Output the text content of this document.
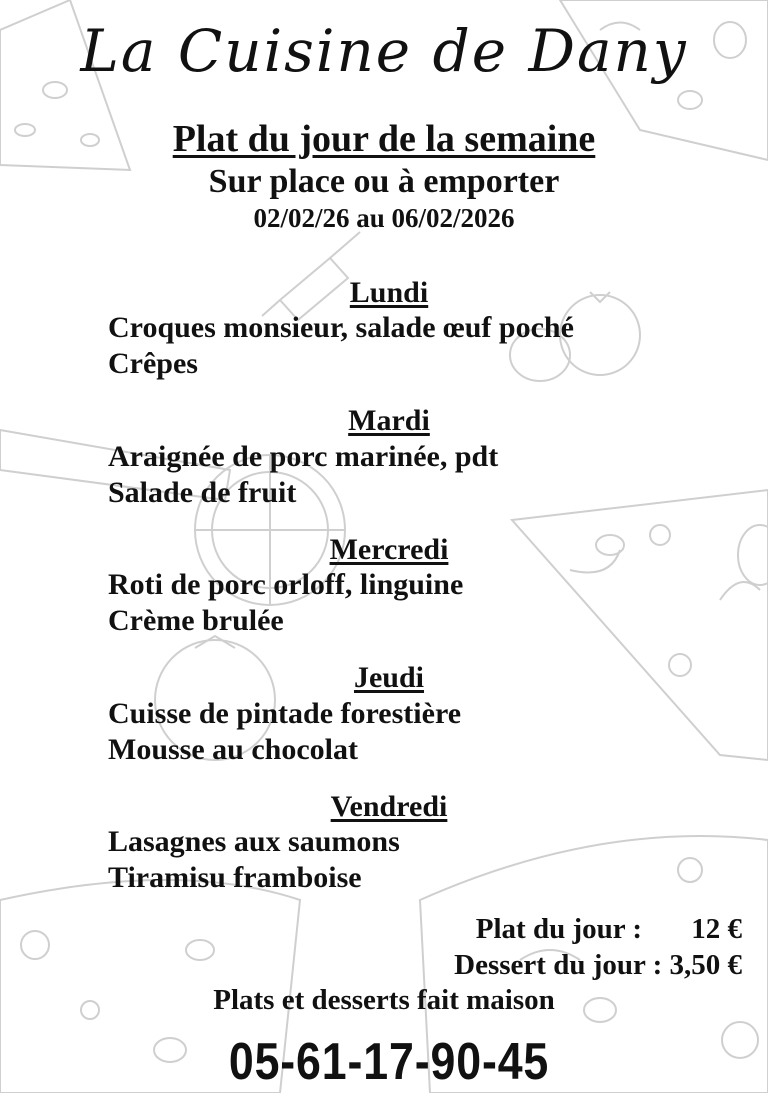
La Cuisine de Dany
Plat du jour de la semaine
Sur place ou à emporter
02/02/26 au 06/02/2026
Lundi
Croques monsieur, salade œuf poché
Crêpes
Mardi
Araignée de porc marinée, pdt
Salade de fruit
Mercredi
Roti de porc orloff, linguine
Crème brulée
Jeudi
Cuisse de pintade forestière
Mousse au chocolat
Vendredi
Lasagnes aux saumons
Tiramisu framboise
Plat du jour : 12 €
Dessert du jour : 3,50 €
Plats et desserts fait maison
05-61-17-90-45
